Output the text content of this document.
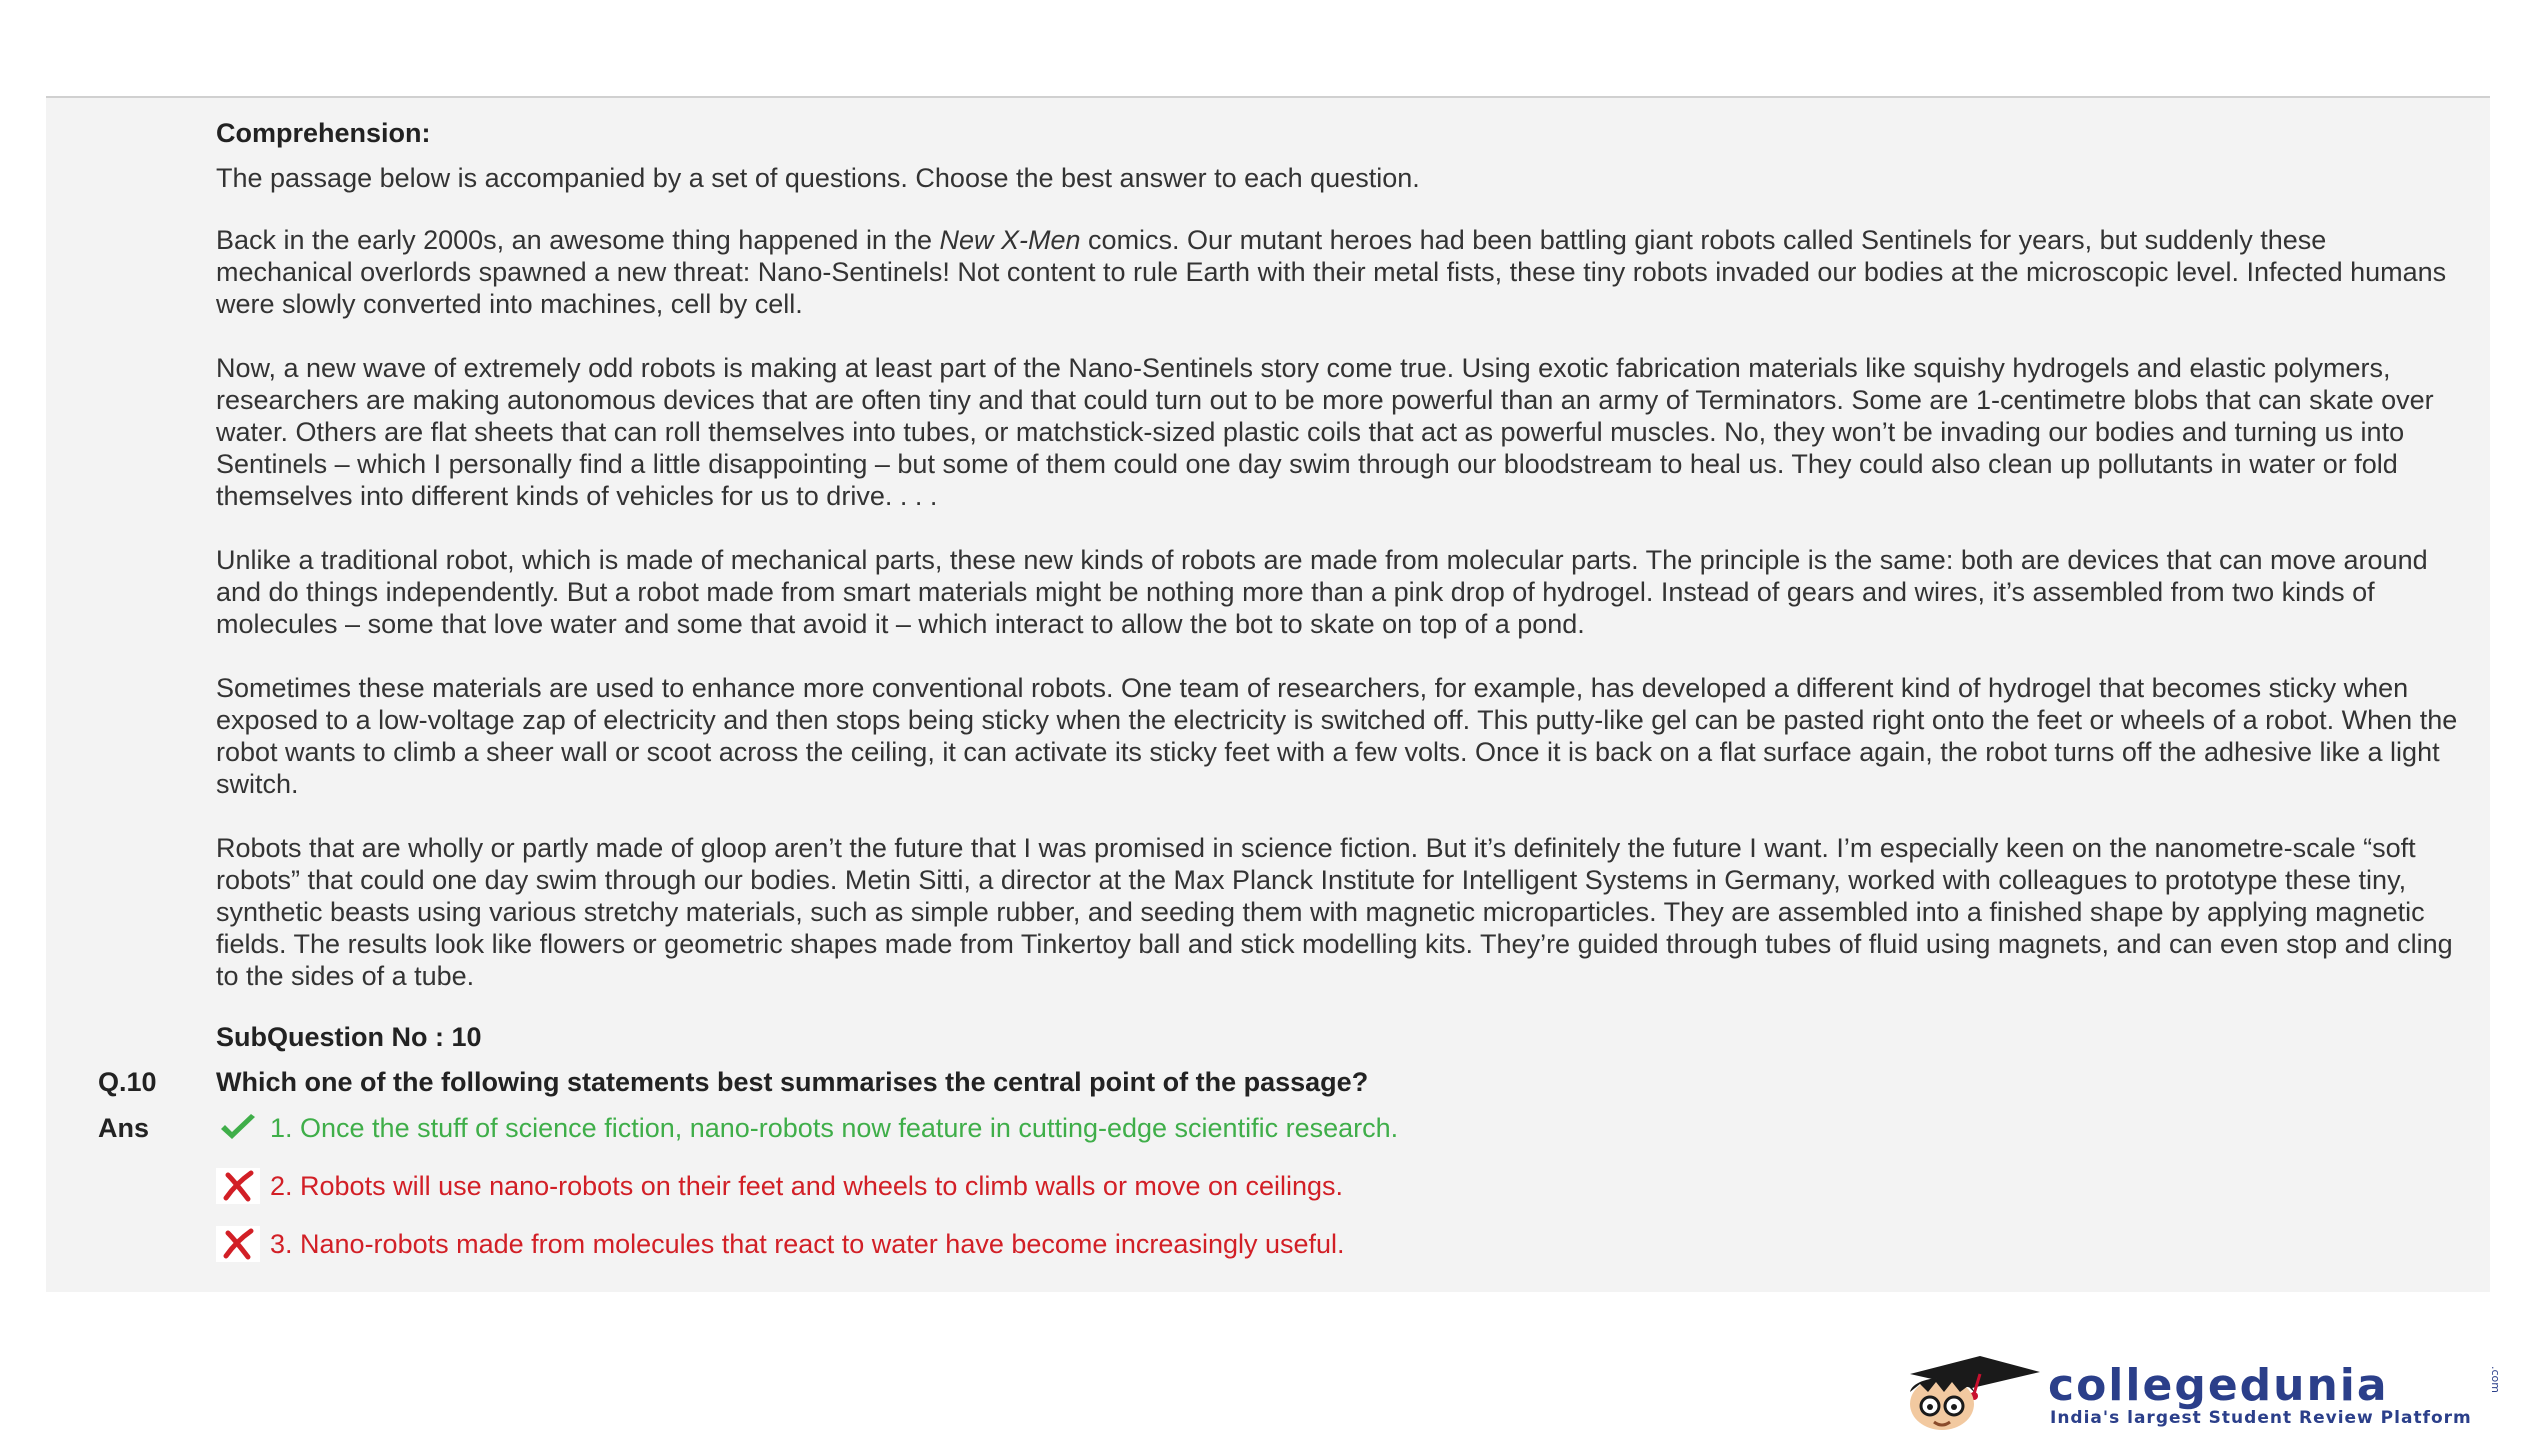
Comprehension:
The passage below is accompanied by a set of questions. Choose the best answer to each question.
Back in the early 2000s, an awesome thing happened in the New X-Men comics. Our mutant heroes had been battling giant robots called Sentinels for years, but suddenly these mechanical overlords spawned a new threat: Nano-Sentinels! Not content to rule Earth with their metal fists, these tiny robots invaded our bodies at the microscopic level. Infected humans were slowly converted into machines, cell by cell.
Now, a new wave of extremely odd robots is making at least part of the Nano-Sentinels story come true. Using exotic fabrication materials like squishy hydrogels and elastic polymers, researchers are making autonomous devices that are often tiny and that could turn out to be more powerful than an army of Terminators. Some are 1-centimetre blobs that can skate over water. Others are flat sheets that can roll themselves into tubes, or matchstick-sized plastic coils that act as powerful muscles. No, they won’t be invading our bodies and turning us into Sentinels – which I personally find a little disappointing – but some of them could one day swim through our bloodstream to heal us. They could also clean up pollutants in water or fold themselves into different kinds of vehicles for us to drive. . . .
Unlike a traditional robot, which is made of mechanical parts, these new kinds of robots are made from molecular parts. The principle is the same: both are devices that can move around and do things independently. But a robot made from smart materials might be nothing more than a pink drop of hydrogel. Instead of gears and wires, it’s assembled from two kinds of molecules – some that love water and some that avoid it – which interact to allow the bot to skate on top of a pond.
Sometimes these materials are used to enhance more conventional robots. One team of researchers, for example, has developed a different kind of hydrogel that becomes sticky when exposed to a low-voltage zap of electricity and then stops being sticky when the electricity is switched off. This putty-like gel can be pasted right onto the feet or wheels of a robot. When the robot wants to climb a sheer wall or scoot across the ceiling, it can activate its sticky feet with a few volts. Once it is back on a flat surface again, the robot turns off the adhesive like a light switch.
Robots that are wholly or partly made of gloop aren’t the future that I was promised in science fiction. But it’s definitely the future I want. I’m especially keen on the nanometre-scale “soft robots” that could one day swim through our bodies. Metin Sitti, a director at the Max Planck Institute for Intelligent Systems in Germany, worked with colleagues to prototype these tiny, synthetic beasts using various stretchy materials, such as simple rubber, and seeding them with magnetic microparticles. They are assembled into a finished shape by applying magnetic fields. The results look like flowers or geometric shapes made from Tinkertoy ball and stick modelling kits. They’re guided through tubes of fluid using magnets, and can even stop and cling to the sides of a tube.
SubQuestion No : 10
Q.10 Which one of the following statements best summarises the central point of the passage?
Ans	1. Once the stuff of science fiction, nano-robots now feature in cutting-edge scientific research.
2. Robots will use nano-robots on their feet and wheels to climb walls or move on ceilings.
3. Nano-robots made from molecules that react to water have become increasingly useful.
collegedunia
India's largest Student Review Platform
.com
